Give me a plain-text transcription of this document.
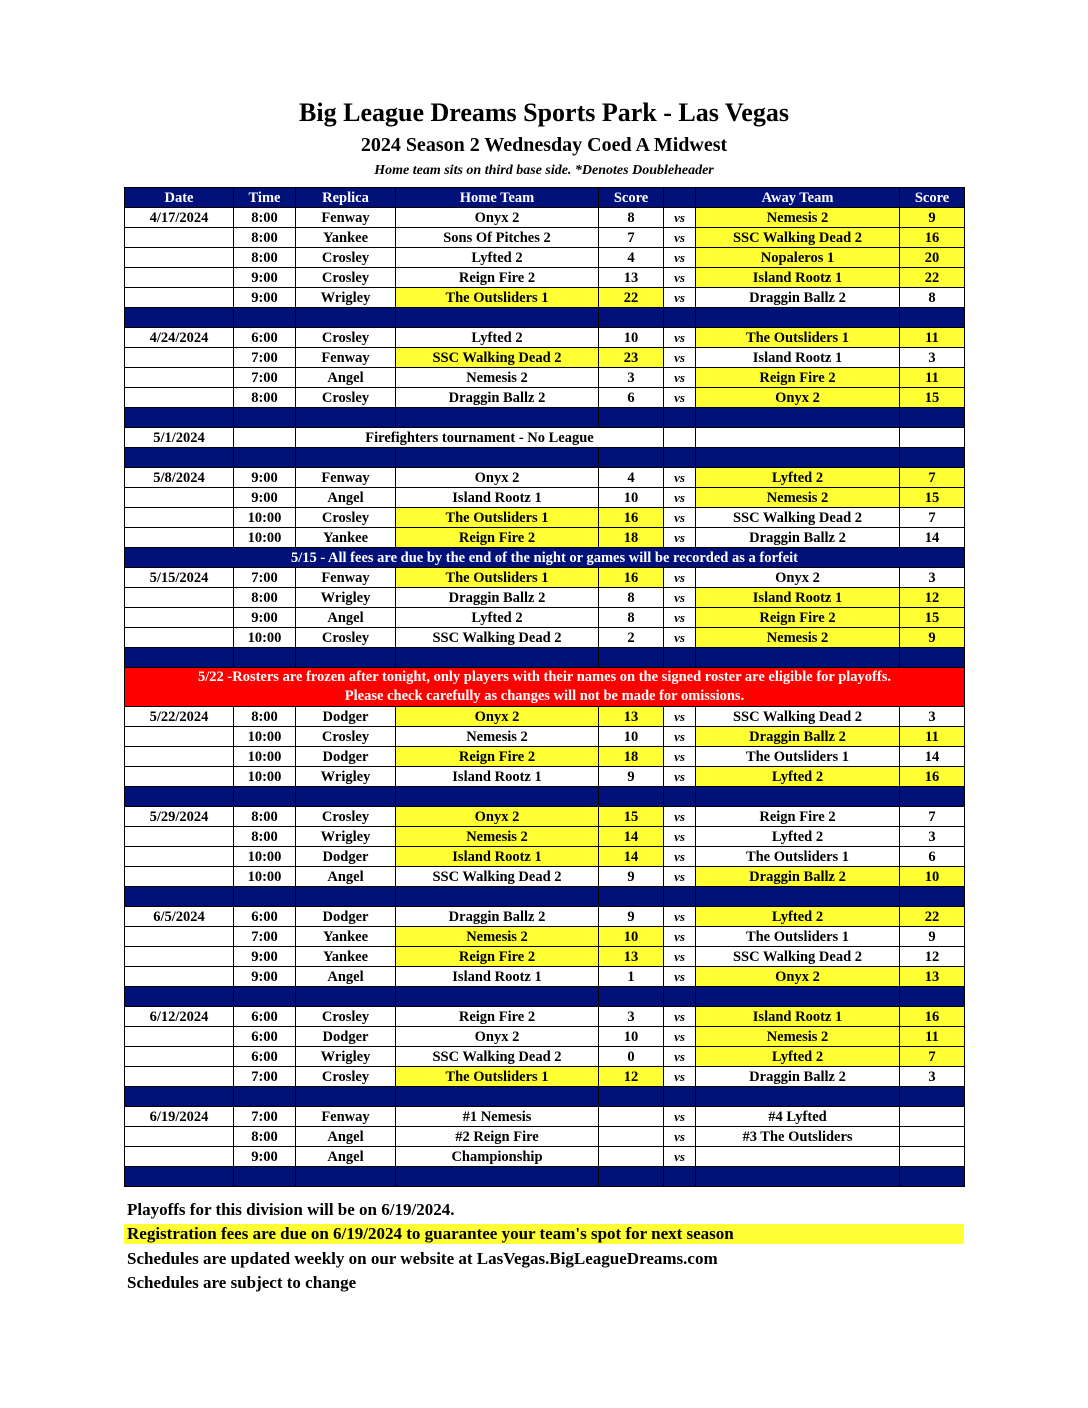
Big League Dreams Sports Park - Las Vegas
2024 Season 2 Wednesday Coed A Midwest
Home team sits on third base side. *Denotes Doubleheader
Date	Time	Replica	Home Team	Score		Away Team	Score
4/17/2024	8:00	Fenway	Onyx 2	8	vs	Nemesis 2	9
	8:00	Yankee	Sons Of Pitches 2	7	vs	SSC Walking Dead 2	16
	8:00	Crosley	Lyfted 2	4	vs	Nopaleros 1	20
	9:00	Crosley	Reign Fire 2	13	vs	Island Rootz 1	22
	9:00	Wrigley	The Outsliders 1	22	vs	Draggin Ballz 2	8

4/24/2024	6:00	Crosley	Lyfted 2	10	vs	The Outsliders 1	11
	7:00	Fenway	SSC Walking Dead 2	23	vs	Island Rootz 1	3
	7:00	Angel	Nemesis 2	3	vs	Reign Fire 2	11
	8:00	Crosley	Draggin Ballz 2	6	vs	Onyx 2	15

5/1/2024		Firefighters tournament - No League					

5/8/2024	9:00	Fenway	Onyx 2	4	vs	Lyfted 2	7
	9:00	Angel	Island Rootz 1	10	vs	Nemesis 2	15
	10:00	Crosley	The Outsliders 1	16	vs	SSC Walking Dead 2	7
	10:00	Yankee	Reign Fire 2	18	vs	Draggin Ballz 2	14
5/15 - All fees are due by the end of the night or games will be recorded as a forfeit							
5/15/2024	7:00	Fenway	The Outsliders 1	16	vs	Onyx 2	3
	8:00	Wrigley	Draggin Ballz 2	8	vs	Island Rootz 1	12
	9:00	Angel	Lyfted 2	8	vs	Reign Fire 2	15
	10:00	Crosley	SSC Walking Dead 2	2	vs	Nemesis 2	9

5/22 -Rosters are frozen after tonight, only players with their names on the signed roster are eligible for playoffs.
Please check carefully as changes will not be made for omissions.							

5/22/2024	8:00	Dodger	Onyx 2	13	vs	SSC Walking Dead 2	3
	10:00	Crosley	Nemesis 2	10	vs	Draggin Ballz 2	11
	10:00	Dodger	Reign Fire 2	18	vs	The Outsliders 1	14
	10:00	Wrigley	Island Rootz 1	9	vs	Lyfted 2	16

5/29/2024	8:00	Crosley	Onyx 2	15	vs	Reign Fire 2	7
	8:00	Wrigley	Nemesis 2	14	vs	Lyfted 2	3
	10:00	Dodger	Island Rootz 1	14	vs	The Outsliders 1	6
	10:00	Angel	SSC Walking Dead 2	9	vs	Draggin Ballz 2	10

6/5/2024	6:00	Dodger	Draggin Ballz 2	9	vs	Lyfted 2	22
	7:00	Yankee	Nemesis 2	10	vs	The Outsliders 1	9
	9:00	Yankee	Reign Fire 2	13	vs	SSC Walking Dead 2	12
	9:00	Angel	Island Rootz 1	1	vs	Onyx 2	13

6/12/2024	6:00	Crosley	Reign Fire 2	3	vs	Island Rootz 1	16
	6:00	Dodger	Onyx 2	10	vs	Nemesis 2	11
	6:00	Wrigley	SSC Walking Dead 2	0	vs	Lyfted 2	7
	7:00	Crosley	The Outsliders 1	12	vs	Draggin Ballz 2	3

6/19/2024	7:00	Fenway	#1 Nemesis		vs	#4 Lyfted	
	8:00	Angel	#2 Reign Fire		vs	#3 The Outsliders	
	9:00	Angel	Championship		vs		

Playoffs for this division will be on 6/19/2024.
Registration fees are due on 6/19/2024 to guarantee your team's spot for next season
Schedules are updated weekly on our website at LasVegas.BigLeagueDreams.com
Schedules are subject to change
